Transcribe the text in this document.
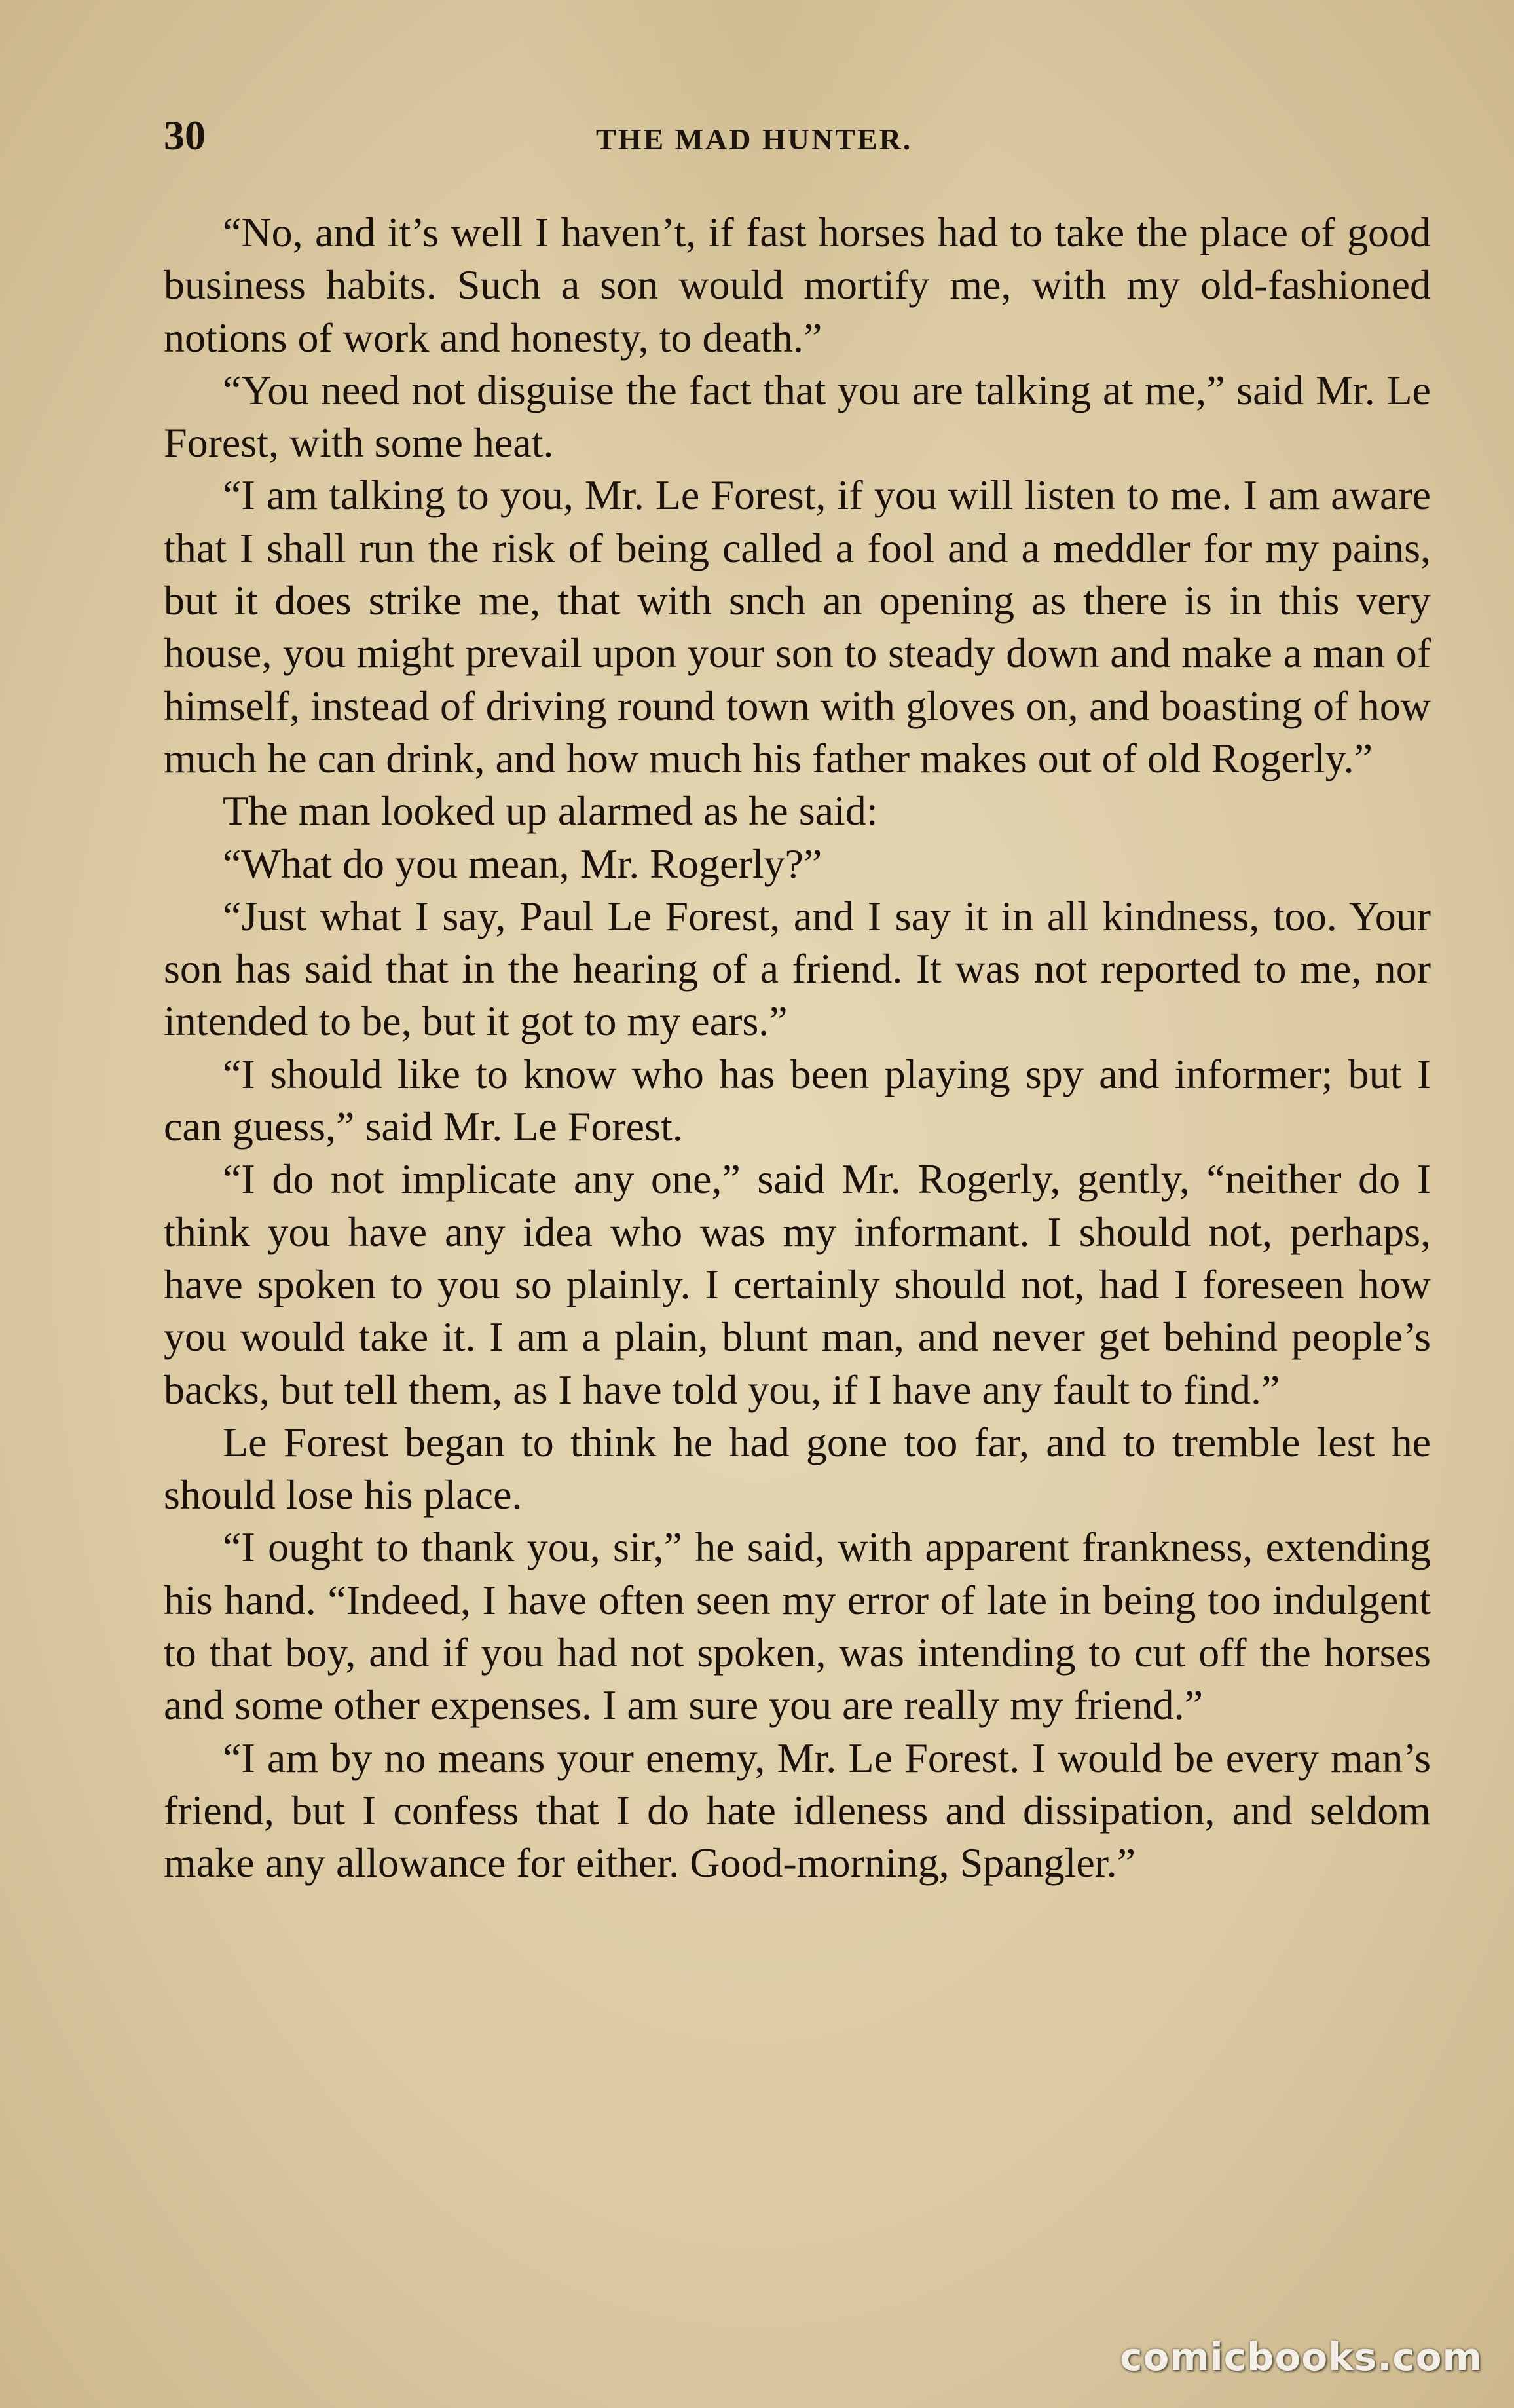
30	THE MAD HUNTER.

“No, and it’s well I haven’t, if fast horses had to take the place of good business habits. Such a son would mortify me, with my old-fashioned notions of work and honesty, to death.”

“You need not disguise the fact that you are talking at me,” said Mr. Le Forest, with some heat.

“I am talking to you, Mr. Le Forest, if you will listen to me. I am aware that I shall run the risk of being called a fool and a meddler for my pains, but it does strike me, that with snch an opening as there is in this very house, you might prevail upon your son to steady down and make a man of himself, instead of driving round town with gloves on, and boasting of how much he can drink, and how much his father makes out of old Rogerly.”

The man looked up alarmed as he said:

“What do you mean, Mr. Rogerly?”

“Just what I say, Paul Le Forest, and I say it in all kindness, too. Your son has said that in the hearing of a friend. It was not reported to me, nor intended to be, but it got to my ears.”

“I should like to know who has been playing spy and informer; but I can guess,” said Mr. Le Forest.

“I do not implicate any one,” said Mr. Rogerly, gently, “neither do I think you have any idea who was my informant. I should not, perhaps, have spoken to you so plainly. I certainly should not, had I foreseen how you would take it. I am a plain, blunt man, and never get behind people’s backs, but tell them, as I have told you, if I have any fault to find.”

Le Forest began to think he had gone too far, and to tremble lest he should lose his place.

“I ought to thank you, sir,” he said, with apparent frankness, extending his hand. “Indeed, I have often seen my error of late in being too indulgent to that boy, and if you had not spoken, was intending to cut off the horses and some other expenses. I am sure you are really my friend.”

“I am by no means your enemy, Mr. Le Forest. I would be every man’s friend, but I confess that I do hate idleness and dissipation, and seldom make any allowance for either. Good-morning, Spangler.”

comicbooks.com
